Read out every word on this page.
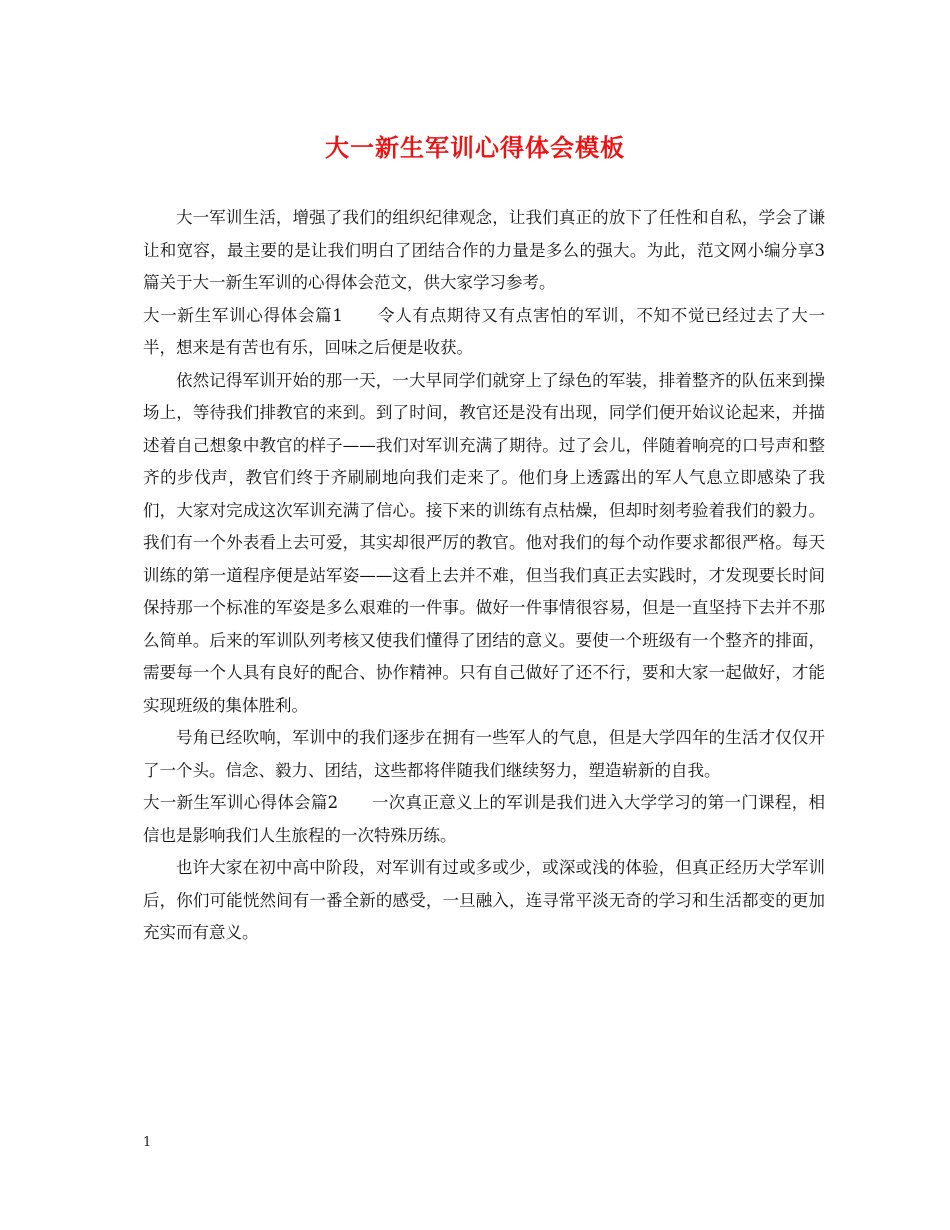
大一新生军训心得体会模板

大一军训生活，增强了我们的组织纪律观念，让我们真正的放下了任性和自私，学会了谦让和宽容，最主要的是让我们明白了团结合作的力量是多么的强大。为此，范文网小编分享3篇关于大一新生军训的心得体会范文，供大家学习参考。

大一新生军训心得体会篇1　　令人有点期待又有点害怕的军训，不知不觉已经过去了大一半，想来是有苦也有乐，回味之后便是收获。

依然记得军训开始的那一天，一大早同学们就穿上了绿色的军装，排着整齐的队伍来到操场上，等待我们排教官的来到。到了时间，教官还是没有出现，同学们便开始议论起来，并描述着自己想象中教官的样子——我们对军训充满了期待。过了会儿，伴随着响亮的口号声和整齐的步伐声，教官们终于齐刷刷地向我们走来了。他们身上透露出的军人气息立即感染了我们，大家对完成这次军训充满了信心。接下来的训练有点枯燥，但却时刻考验着我们的毅力。我们有一个外表看上去可爱，其实却很严厉的教官。他对我们的每个动作要求都很严格。每天训练的第一道程序便是站军姿——这看上去并不难，但当我们真正去实践时，才发现要长时间保持那一个标准的军姿是多么艰难的一件事。做好一件事情很容易，但是一直坚持下去并不那么简单。后来的军训队列考核又使我们懂得了团结的意义。要使一个班级有一个整齐的排面，需要每一个人具有良好的配合、协作精神。只有自己做好了还不行，要和大家一起做好，才能实现班级的集体胜利。

号角已经吹响，军训中的我们逐步在拥有一些军人的气息，但是大学四年的生活才仅仅开了一个头。信念、毅力、团结，这些都将伴随我们继续努力，塑造崭新的自我。

大一新生军训心得体会篇2　　一次真正意义上的军训是我们进入大学学习的第一门课程，相信也是影响我们人生旅程的一次特殊历练。

也许大家在初中高中阶段，对军训有过或多或少，或深或浅的体验，但真正经历大学军训后，你们可能恍然间有一番全新的感受，一旦融入，连寻常平淡无奇的学习和生活都变的更加充实而有意义。

1
